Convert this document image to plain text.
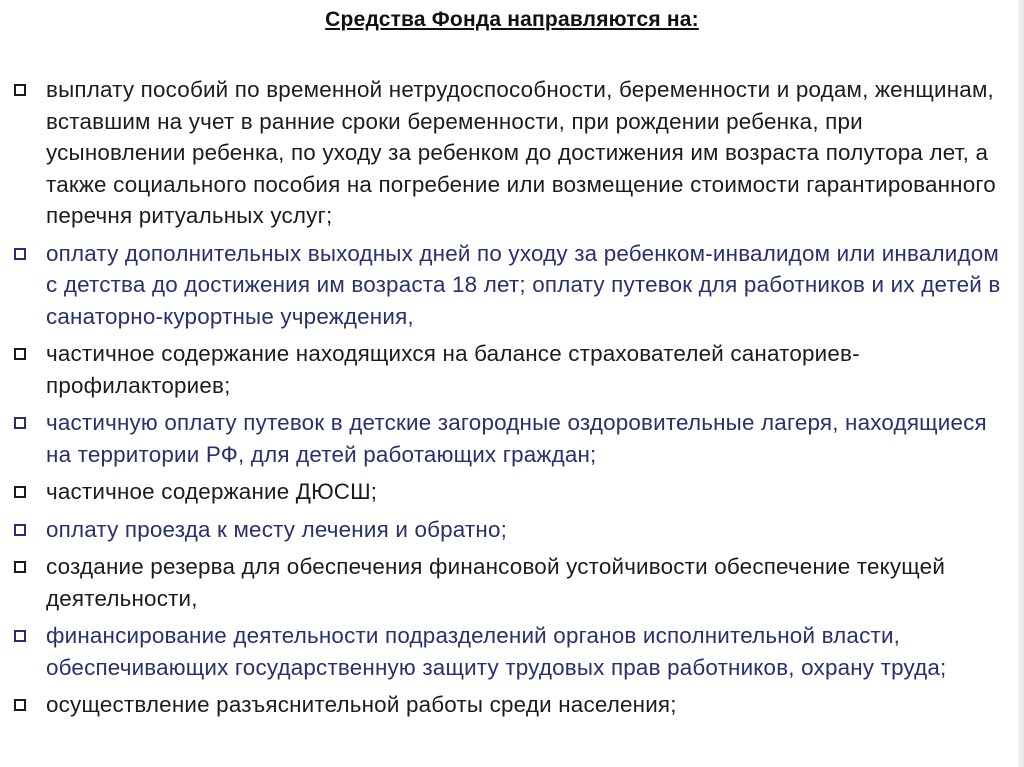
Средства Фонда направляются на:
выплату пособий по временной нетрудоспособности, беременности и родам, женщинам, вставшим на учет в ранние сроки беременности, при рождении ребенка, при усыновлении ребенка, по уходу за ребенком до достижения им возраста полутора лет, а также социального пособия на погребение или возмещение стоимости гарантированного перечня ритуальных услуг;
оплату дополнительных выходных дней по уходу за ребенком-инвалидом или инвалидом с детства до достижения им возраста 18 лет; оплату путевок для работников и их детей в санаторно-курортные учреждения,
частичное содержание находящихся на балансе страхователей санаториев-профилакториев;
частичную оплату путевок в детские загородные оздоровительные лагеря, находящиеся на территории РФ, для детей работающих граждан;
частичное содержание ДЮСШ;
оплату проезда к месту лечения и обратно;
создание резерва для обеспечения финансовой устойчивости обеспечение текущей деятельности,
финансирование деятельности подразделений органов исполнительной власти, обеспечивающих государственную защиту трудовых прав работников, охрану труда;
осуществление разъяснительной работы среди населения;
